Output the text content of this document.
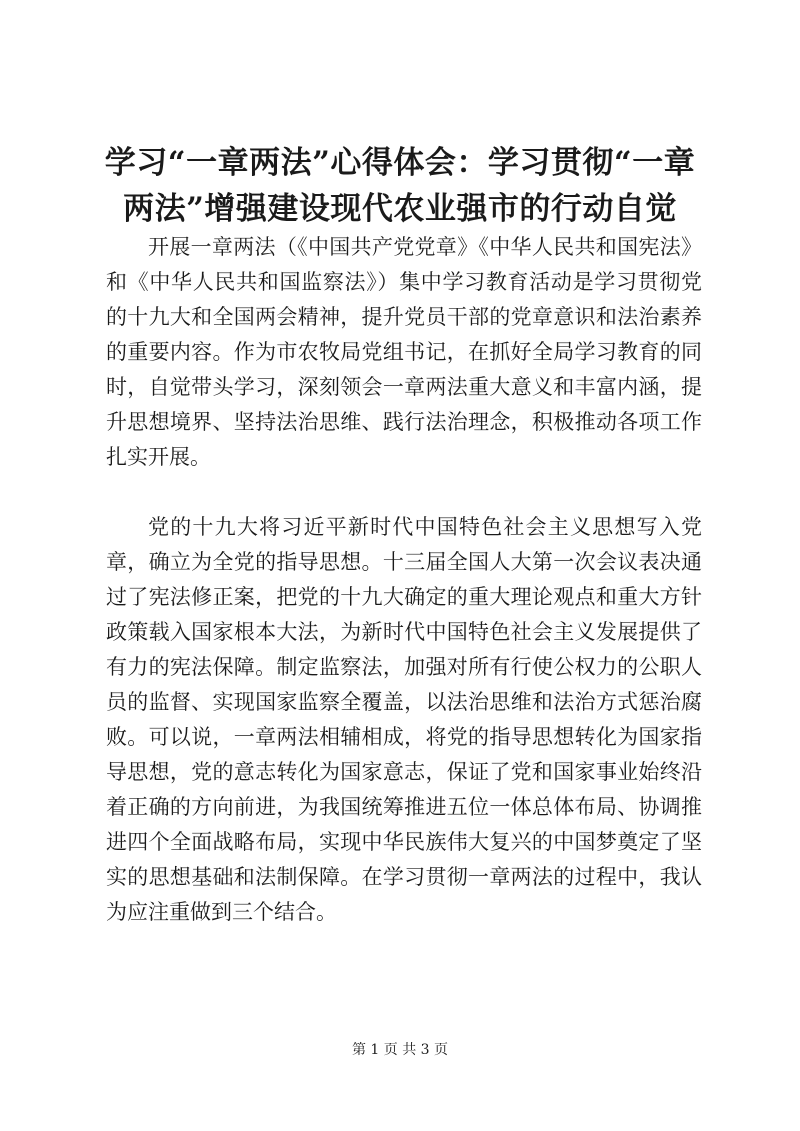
学习“一章两法”心得体会：学习贯彻“一章
两法”增强建设现代农业强市的行动自觉
开展一章两法（《中国共产党党章》《中华人民共和国宪法》
和《中华人民共和国监察法》）集中学习教育活动是学习贯彻党
的十九大和全国两会精神，提升党员干部的党章意识和法治素养
的重要内容。作为市农牧局党组书记，在抓好全局学习教育的同
时，自觉带头学习，深刻领会一章两法重大意义和丰富内涵，提
升思想境界、坚持法治思维、践行法治理念，积极推动各项工作
扎实开展。
党的十九大将习近平新时代中国特色社会主义思想写入党
章，确立为全党的指导思想。十三届全国人大第一次会议表决通
过了宪法修正案，把党的十九大确定的重大理论观点和重大方针
政策载入国家根本大法，为新时代中国特色社会主义发展提供了
有力的宪法保障。制定监察法，加强对所有行使公权力的公职人
员的监督、实现国家监察全覆盖，以法治思维和法治方式惩治腐
败。可以说，一章两法相辅相成，将党的指导思想转化为国家指
导思想，党的意志转化为国家意志，保证了党和国家事业始终沿
着正确的方向前进，为我国统筹推进五位一体总体布局、协调推
进四个全面战略布局，实现中华民族伟大复兴的中国梦奠定了坚
实的思想基础和法制保障。在学习贯彻一章两法的过程中，我认
为应注重做到三个结合。
第 1 页 共 3 页
